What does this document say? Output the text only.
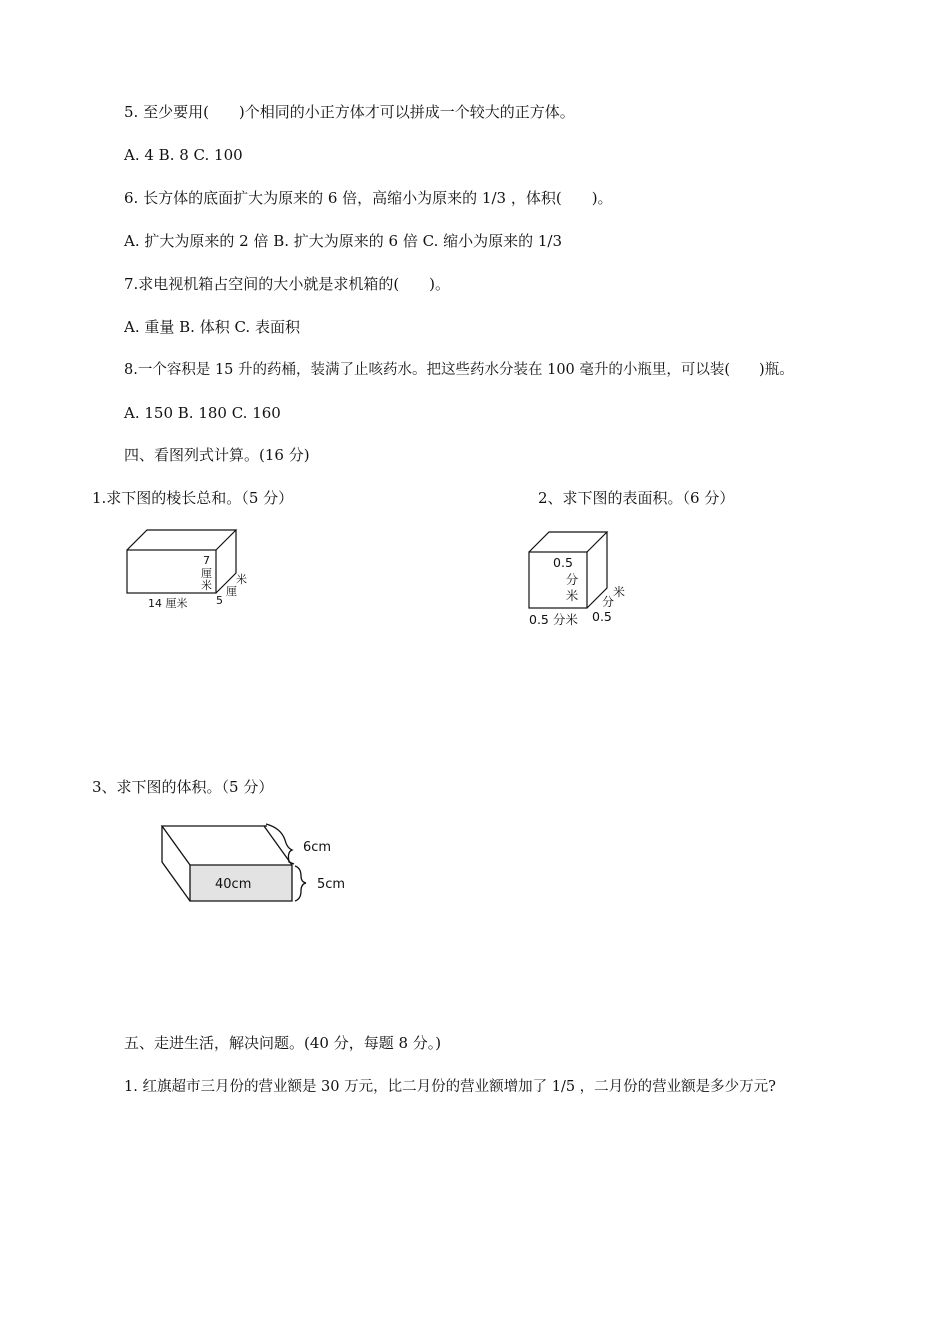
5. 至少要用(　　)个相同的小正方体才可以拼成一个较大的正方体。
A. 4 B. 8 C. 100
6. 长方体的底面扩大为原来的 6 倍，高缩小为原来的 1/3 ，体积(　　)。
A. 扩大为原来的 2 倍 B. 扩大为原来的 6 倍 C. 缩小为原来的 1/3
7.求电视机箱占空间的大小就是求机箱的(　　)。
A. 重量 B. 体积 C. 表面积
8.一个容积是 15 升的药桶，装满了止咳药水。把这些药水分装在 100 毫升的小瓶里，可以装(　　)瓶。
A. 150 B. 180 C. 160
四、看图列式计算。(16 分)
1.求下图的棱长总和。（5 分）	2、求下图的表面积。（6 分）
7
厘
米
5
厘
米
14 厘米
0.5
分
米
0.5 分米 0.5
分
米
3、求下图的体积。（5 分）
40cm
6cm
5cm
五、走进生活，解决问题。(40 分，每题 8 分。)
1. 红旗超市三月份的营业额是 30 万元，比二月份的营业额增加了 1/5 ，二月份的营业额是多少万元?
